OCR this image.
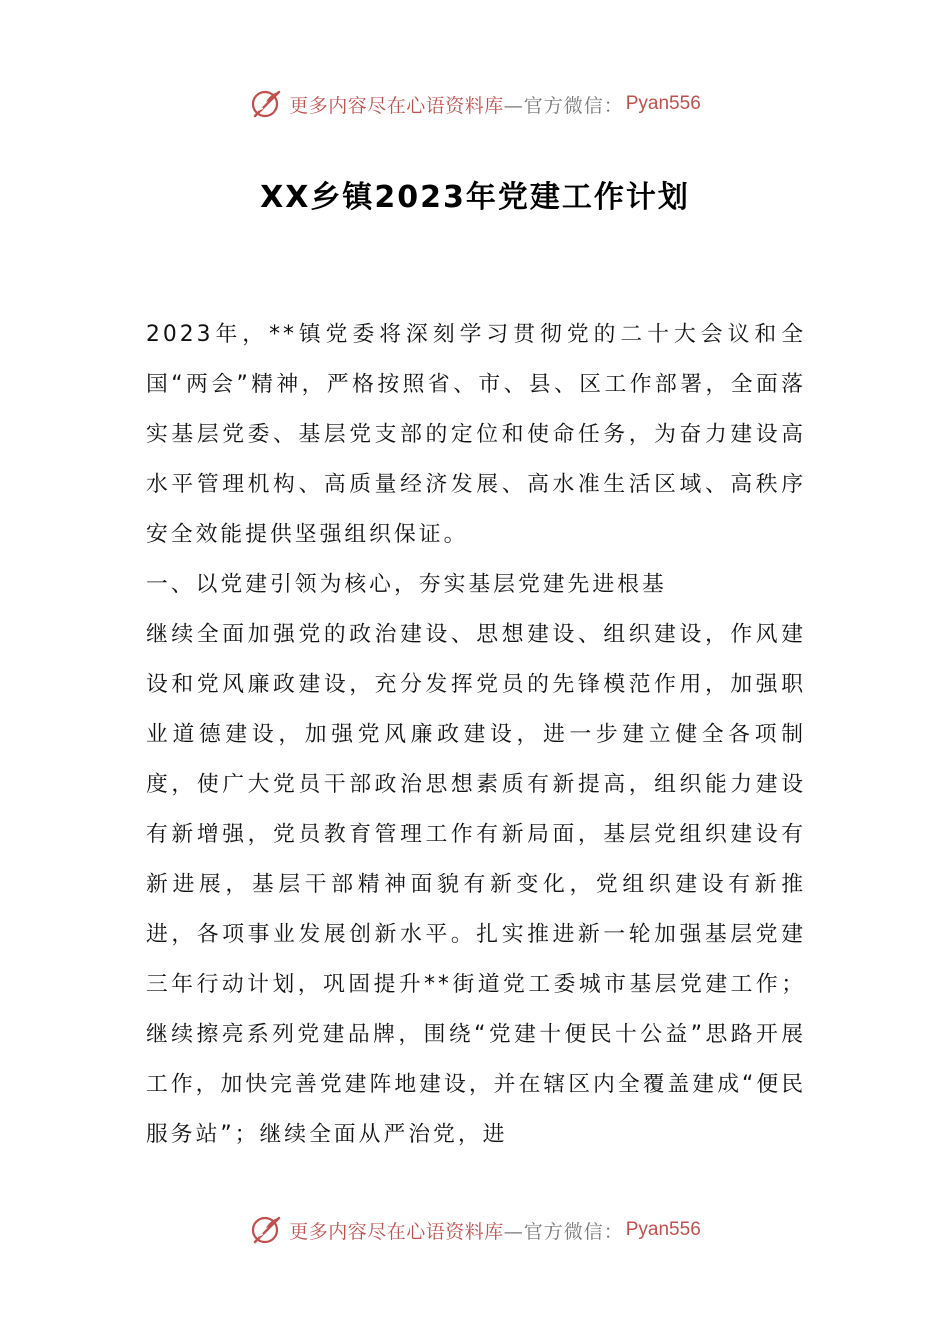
更多内容尽在心语资料库 —官方微信： Pyan556
XX乡镇2023年党建工作计划

2023年，**镇党委将深刻学习贯彻党的二十大会议和全国“两会”精神，严格按照省、市、县、区工作部署，全面落实基层党委、基层党支部的定位和使命任务，为奋力建设高水平管理机构、高质量经济发展、高水准生活区域、高秩序安全效能提供坚强组织保证。

一、以党建引领为核心，夯实基层党建先进根基

继续全面加强党的政治建设、思想建设、组织建设，作风建设和党风廉政建设，充分发挥党员的先锋模范作用，加强职业道德建设，加强党风廉政建设，进一步建立健全各项制度，使广大党员干部政治思想素质有新提高，组织能力建设有新增强，党员教育管理工作有新局面，基层党组织建设有新进展，基层干部精神面貌有新变化，党组织建设有新推进，各项事业发展创新水平。扎实推进新一轮加强基层党建三年行动计划，巩固提升**街道党工委城市基层党建工作；继续擦亮系列党建品牌，围绕“党建十便民十公益”思路开展工作，加快完善党建阵地建设，并在辖区内全覆盖建成“便民服务站”；继续全面从严治党，进

更多内容尽在心语资料库 —官方微信： Pyan556
